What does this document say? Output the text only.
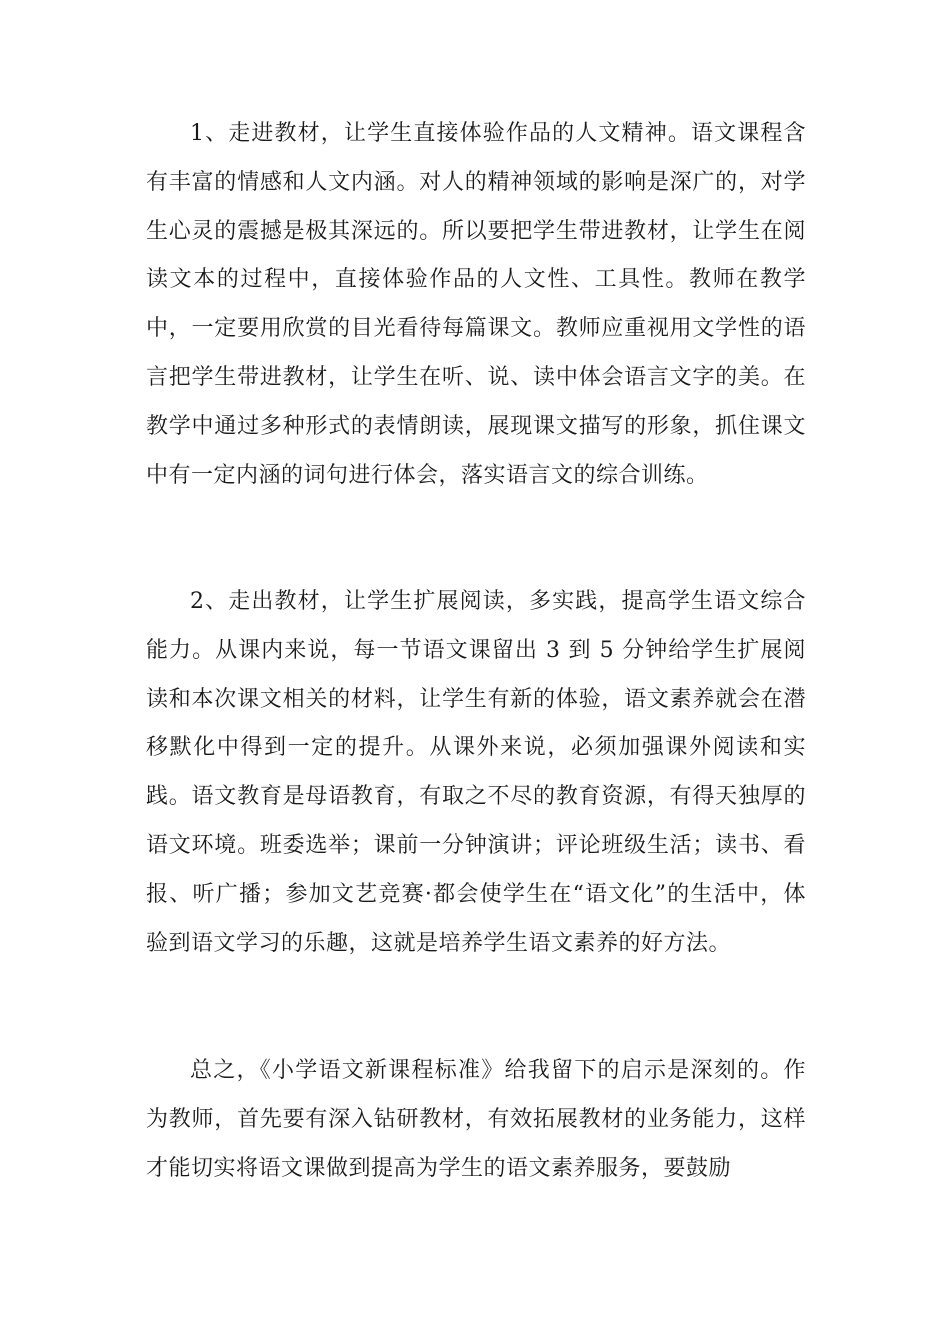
1、走进教材，让学生直接体验作品的人文精神。语文课程含有丰富的情感和人文内涵。对人的精神领域的影响是深广的，对学生心灵的震撼是极其深远的。所以要把学生带进教材，让学生在阅读文本的过程中，直接体验作品的人文性、工具性。教师在教学中，一定要用欣赏的目光看待每篇课文。教师应重视用文学性的语言把学生带进教材，让学生在听、说、读中体会语言文字的美。在教学中通过多种形式的表情朗读，展现课文描写的形象，抓住课文中有一定内涵的词句进行体会，落实语言文的综合训练。

2、走出教材，让学生扩展阅读，多实践，提高学生语文综合能力。从课内来说，每一节语文课留出 3 到 5 分钟给学生扩展阅读和本次课文相关的材料，让学生有新的体验，语文素养就会在潜移默化中得到一定的提升。从课外来说，必须加强课外阅读和实践。语文教育是母语教育，有取之不尽的教育资源，有得天独厚的语文环境。班委选举；课前一分钟演讲；评论班级生活；读书、看报、听广播；参加文艺竞赛·都会使学生在“语文化”的生活中，体验到语文学习的乐趣，这就是培养学生语文素养的好方法。

总之，《小学语文新课程标准》给我留下的启示是深刻的。作为教师，首先要有深入钻研教材，有效拓展教材的业务能力，这样才能切实将语文课做到提高为学生的语文素养服务，要鼓励
